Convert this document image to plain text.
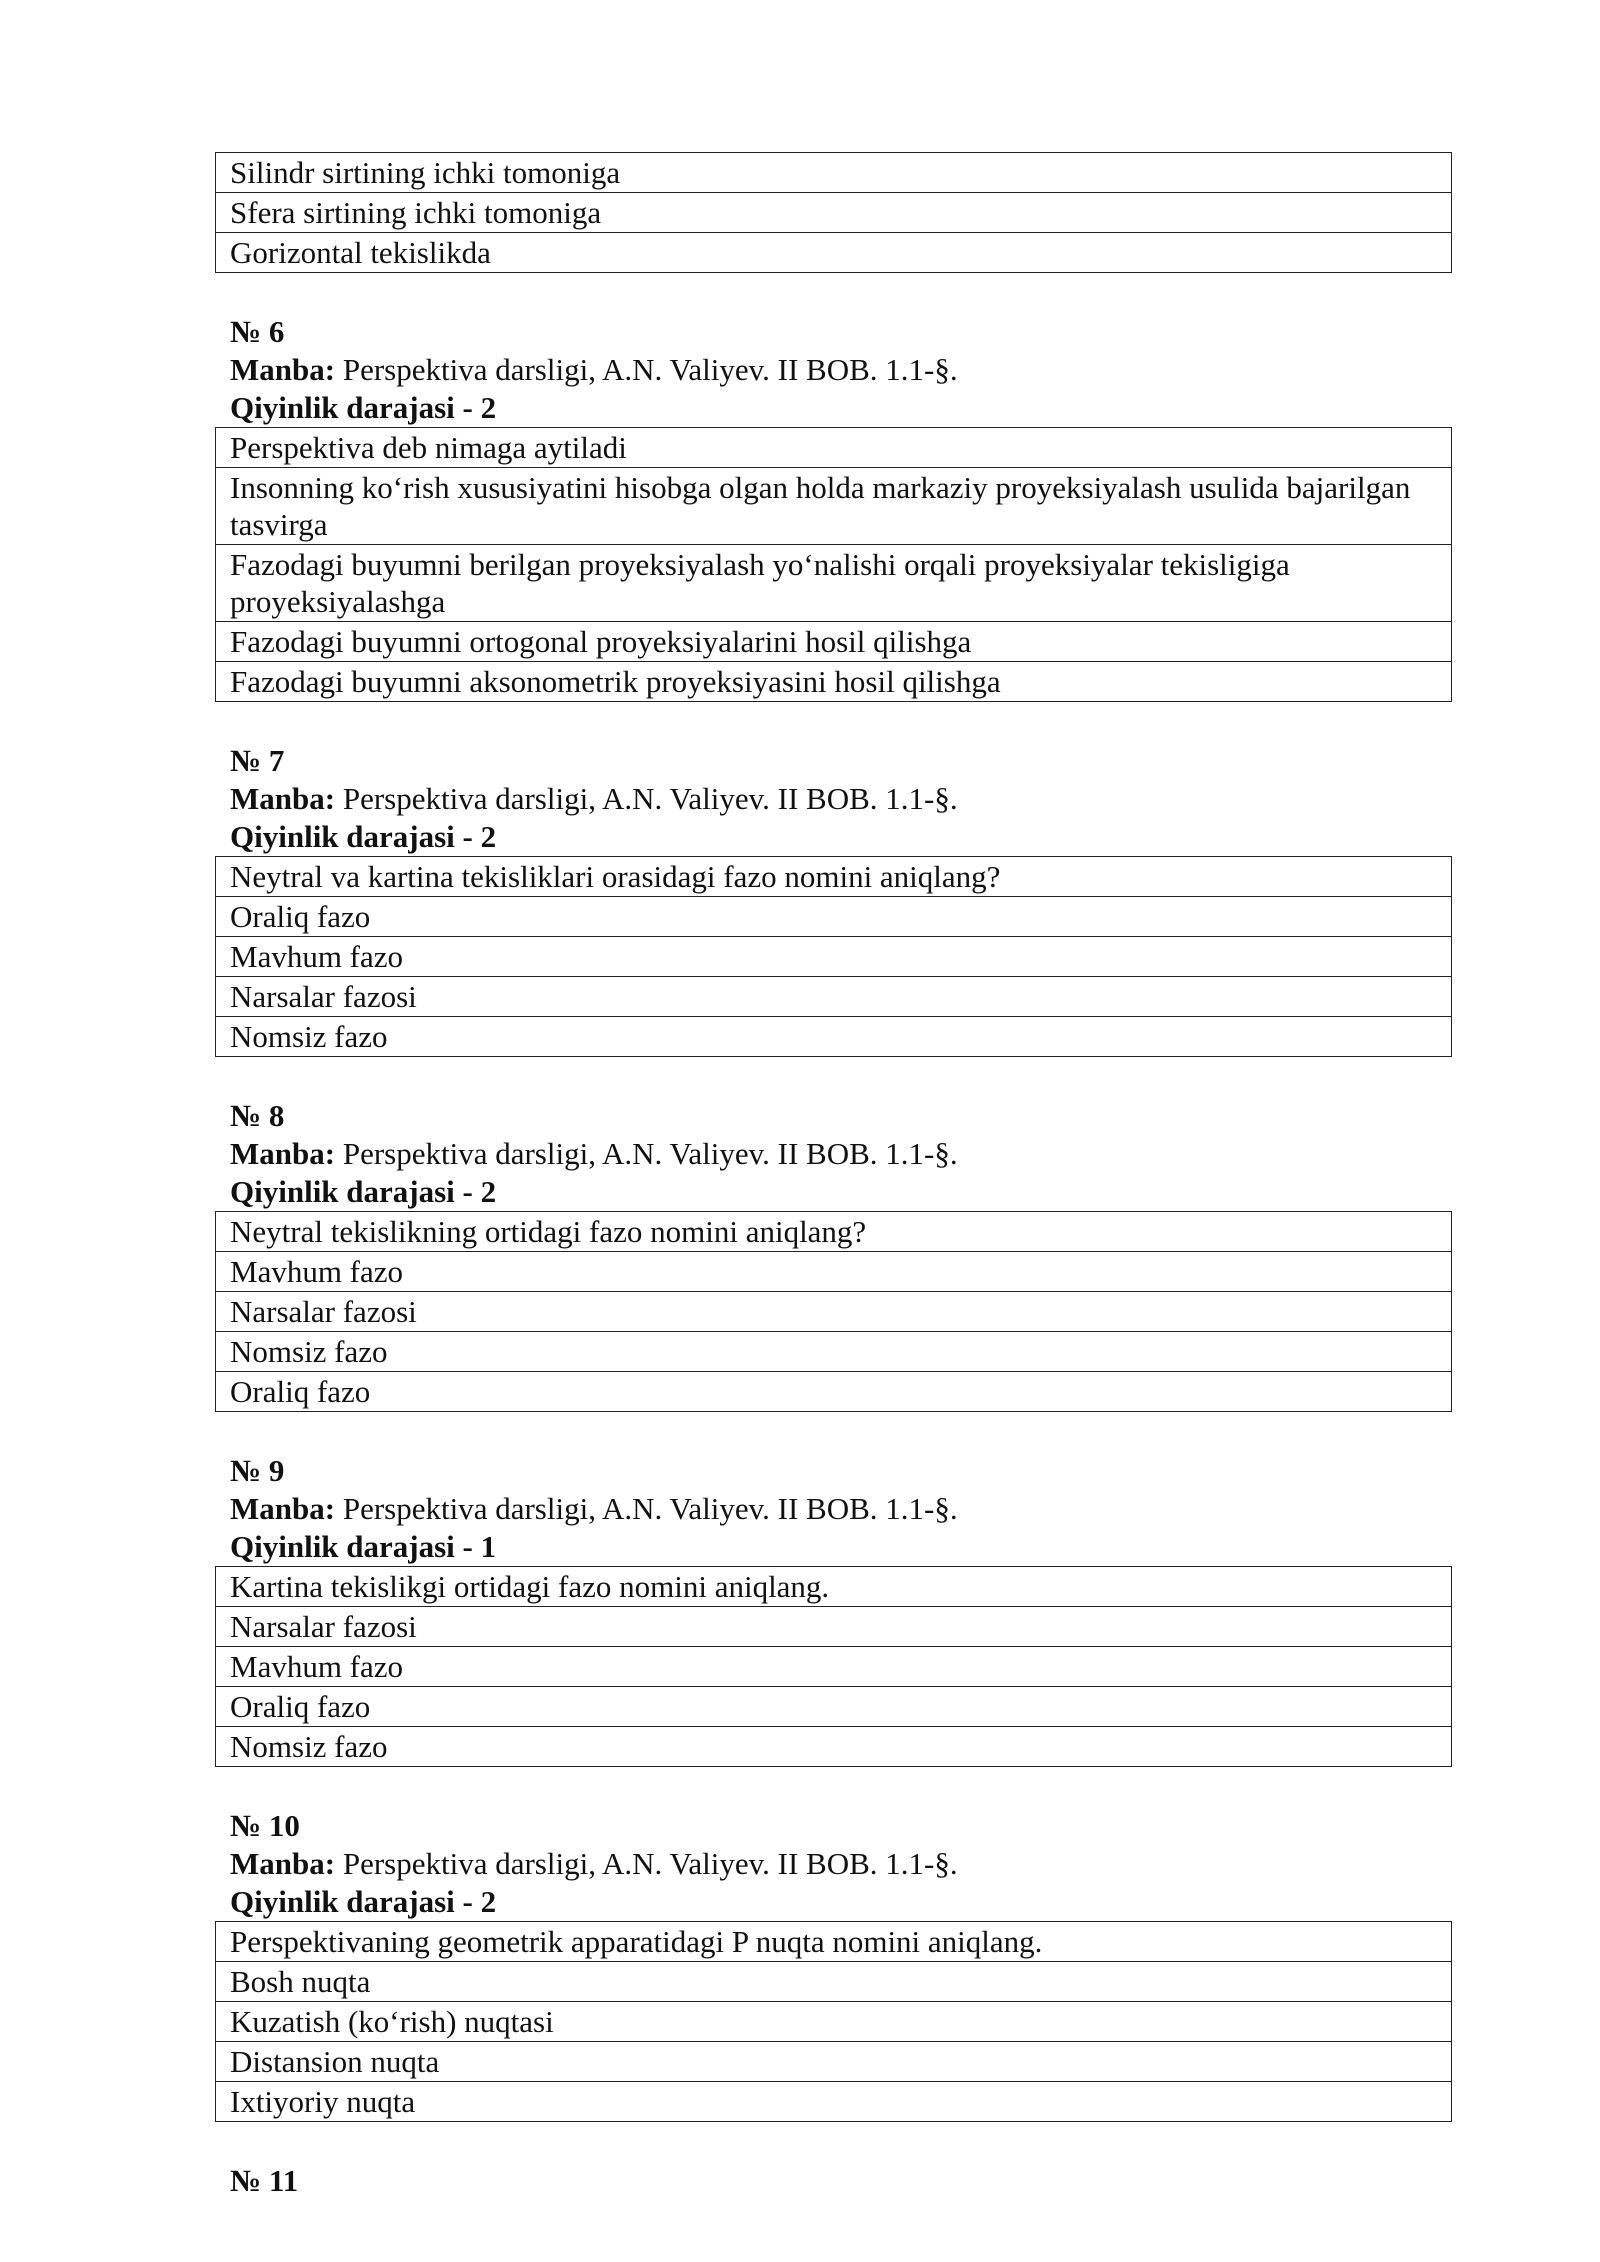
Silindr sirtining ichki tomoniga
Sfera sirtining ichki tomoniga
Gorizontal tekislikda
№ 6
Manba: Perspektiva darsligi, A.N. Valiyev. II BOB. 1.1-§.
Qiyinlik darajasi - 2
Perspektiva deb nimaga aytiladi
Insonning ko‘rish xususiyatini hisobga olgan holda markaziy proyeksiyalash usulida bajarilgan tasvirga
Fazodagi buyumni berilgan proyeksiyalash yo‘nalishi orqali proyeksiyalar tekisligiga proyeksiyalashga
Fazodagi buyumni ortogonal proyeksiyalarini hosil qilishga
Fazodagi buyumni aksonometrik proyeksiyasini hosil qilishga
№ 7
Manba: Perspektiva darsligi, A.N. Valiyev. II BOB. 1.1-§.
Qiyinlik darajasi - 2
Neytral va kartina tekisliklari orasidagi fazo nomini aniqlang?
Oraliq fazo
Mavhum fazo
Narsalar fazosi
Nomsiz fazo
№ 8
Manba: Perspektiva darsligi, A.N. Valiyev. II BOB. 1.1-§.
Qiyinlik darajasi - 2
Neytral tekislikning ortidagi fazo nomini aniqlang?
Mavhum fazo
Narsalar fazosi
Nomsiz fazo
Oraliq fazo
№ 9
Manba: Perspektiva darsligi, A.N. Valiyev. II BOB. 1.1-§.
Qiyinlik darajasi - 1
Kartina tekislikgi ortidagi fazo nomini aniqlang.
Narsalar fazosi
Mavhum fazo
Oraliq fazo
Nomsiz fazo
№ 10
Manba: Perspektiva darsligi, A.N. Valiyev. II BOB. 1.1-§.
Qiyinlik darajasi - 2
Perspektivaning geometrik apparatidagi P nuqta nomini aniqlang.
Bosh nuqta
Kuzatish (ko‘rish) nuqtasi
Distansion nuqta
Ixtiyoriy nuqta
№ 11
